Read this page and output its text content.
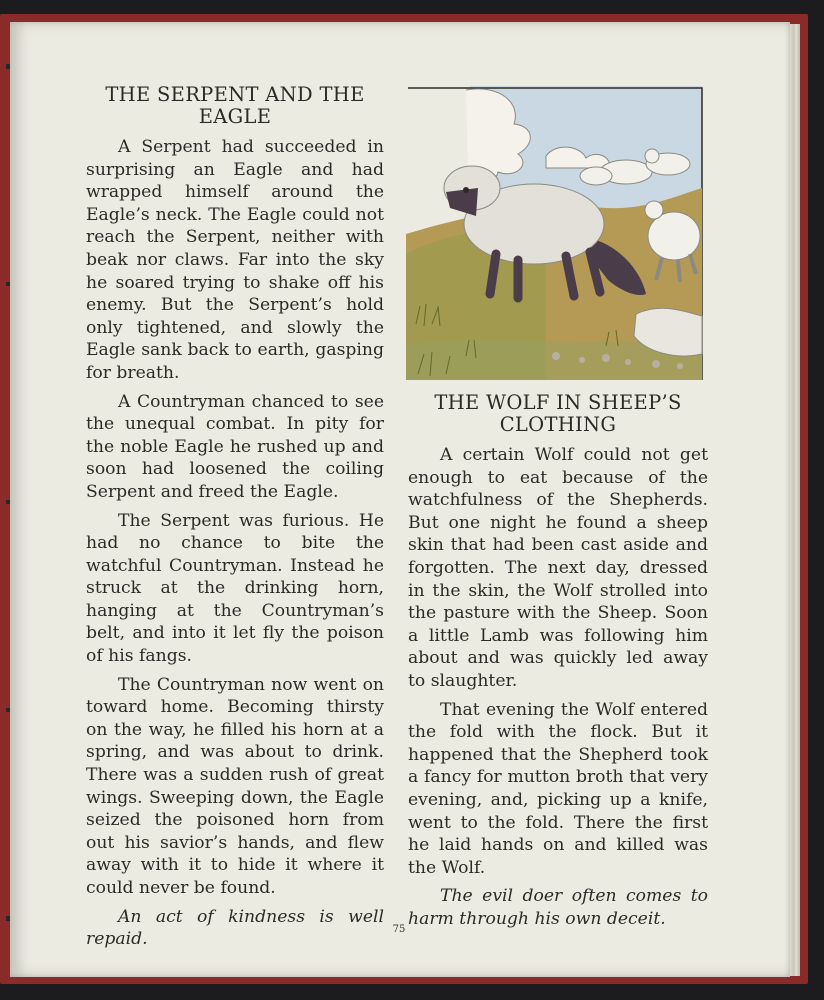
THE SERPENT AND THE EAGLE

A Serpent had succeeded in surprising an Eagle and had wrapped himself around the Eagle’s neck. The Eagle could not reach the Serpent, neither with beak nor claws. Far into the sky he soared trying to shake off his enemy. But the Serpent’s hold only tightened, and slowly the Eagle sank back to earth, gasping for breath.

A Countryman chanced to see the unequal combat. In pity for the noble Eagle he rushed up and soon had loosened the coiling Serpent and freed the Eagle.

The Serpent was furious. He had no chance to bite the watchful Countryman. Instead he struck at the drinking horn, hanging at the Countryman’s belt, and into it let fly the poison of his fangs.

The Countryman now went on toward home. Becoming thirsty on the way, he filled his horn at a spring, and was about to drink. There was a sudden rush of great wings. Sweeping down, the Eagle seized the poisoned horn from out his savior’s hands, and flew away with it to hide it where it could never be found.

An act of kindness is well repaid.

THE WOLF IN SHEEP’S CLOTHING

A certain Wolf could not get enough to eat because of the watchfulness of the Shepherds. But one night he found a sheep skin that had been cast aside and forgotten. The next day, dressed in the skin, the Wolf strolled into the pasture with the Sheep. Soon a little Lamb was following him about and was quickly led away to slaughter.

That evening the Wolf entered the fold with the flock. But it happened that the Shepherd took a fancy for mutton broth that very evening, and, picking up a knife, went to the fold. There the first he laid hands on and killed was the Wolf.

The evil doer often comes to harm through his own deceit.

75
